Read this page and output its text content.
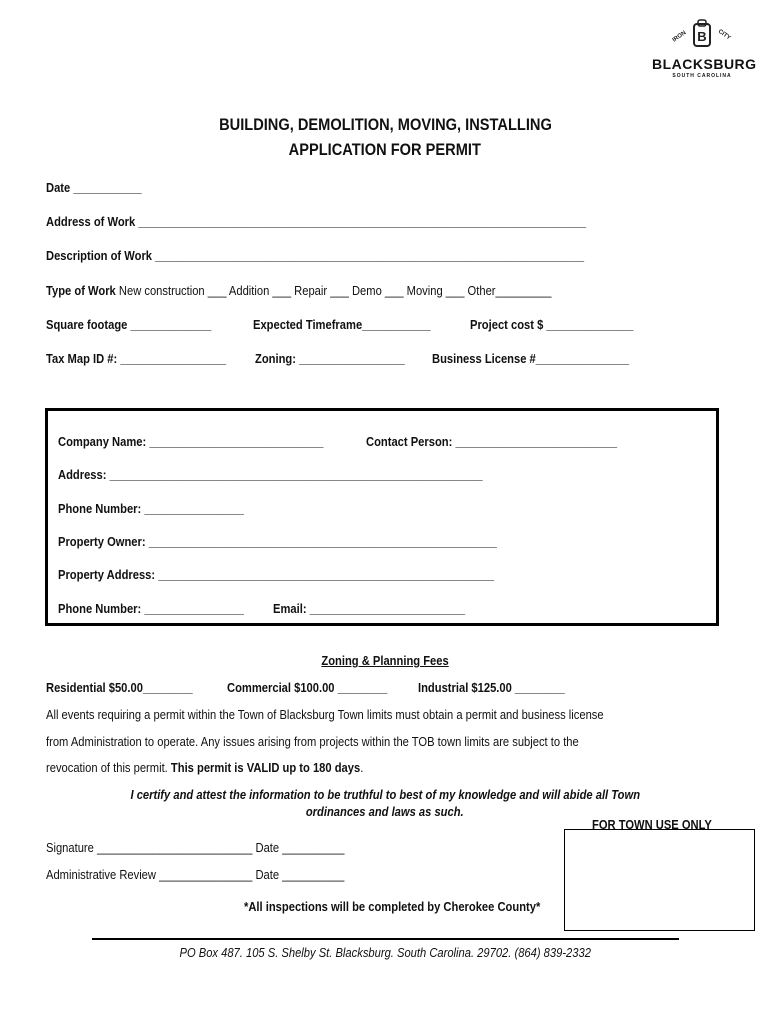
IRON	CITY
B
BLACKSBURG
SOUTH CAROLINA
BUILDING, DEMOLITION, MOVING, INSTALLING
APPLICATION FOR PERMIT
Date ___________
Address of Work ________________________________________________________________________
Description of Work _____________________________________________________________________
Type of Work New construction ___ Addition ___ Repair ___ Demo ___ Moving ___ Other_________
Square footage _____________	Expected Timeframe___________	Project cost $ ______________
Tax Map ID #: _________________ Zoning: _________________ Business License #_______________
Company Name: ____________________________	Contact Person: __________________________
Address: ____________________________________________________________
Phone Number: ________________
Property Owner: ________________________________________________________
Property Address: ______________________________________________________
Phone Number: ________________ Email: _________________________
Zoning & Planning Fees
Residential $50.00________	Commercial $100.00 ________ Industrial $125.00 ________
All events requiring a permit within the Town of Blacksburg Town limits must obtain a permit and business license
from Administration to operate. Any issues arising from projects within the TOB town limits are subject to the
revocation of this permit. This permit is VALID up to 180 days.
I certify and attest the information to be truthful to best of my knowledge and will abide all Town
ordinances and laws as such.
FOR TOWN USE ONLY
Signature _________________________ Date __________
Administrative Review _______________ Date __________
*All inspections will be completed by Cherokee County*
PO Box 487. 105 S. Shelby St. Blacksburg. South Carolina. 29702. (864) 839-2332
